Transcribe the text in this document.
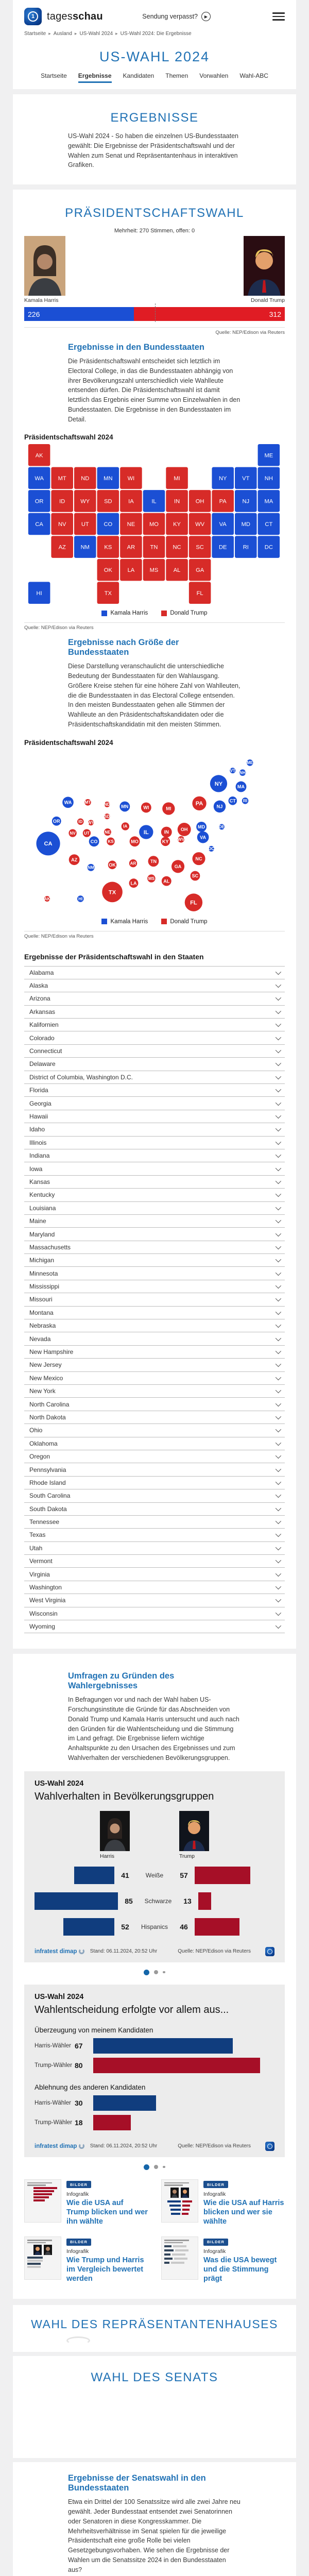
1	tagesschau	Sendung verpasst?	▶
Startseite ▸ Ausland ▸ US-Wahl 2024 ▸ US-Wahl 2024: Die Ergebnisse
US-WAHL 2024
Startseite Ergebnisse Kandidaten Themen Vorwahlen Wahl-ABC
ERGEBNISSE

US-Wahl 2024 - So haben die einzelnen US-Bundesstaaten gewählt: Die Ergebnisse der Präsidentschaftswahl und der Wahlen zum Senat und Repräsentantenhaus in interaktiven Grafiken.

PRÄSIDENTSCHAFTSWAHL
Mehrheit: 270 Stimmen, offen: 0
Kamala Harris	Donald Trump
226	312
Quelle: NEP/Edison via Reuters
Ergebnisse in den Bundesstaaten

Die Präsidentschaftswahl entscheidet sich letztlich im Electoral College, in das die Bundesstaaten abhängig von ihrer Bevölkerungszahl unterschiedlich viele Wahlleute entsenden dürfen. Die Präsidentschaftswahl ist damit letztlich das Ergebnis einer Summe von Einzelwahlen in den Bundesstaaten. Die Ergebnisse in den Bundesstaaten im Detail.

Präsidentschaftswahl 2024
AK	ME
WA	MT	ND	MN	WI	MI	NY	VT	NH
OR	ID	WY	SD	IA	IL	IN	OH	PA	NJ	MA
CA	NV	UT	CO	NE	MO	KY	WV	VA	MD	CT
AZ	NM	KS	AR	TN	NC	SC	DE	RI	DC
OK	LA	MS	AL	GA
HI	TX	FL
Kamala Harris	Donald Trump
Quelle: NEP/Edison via Reuters
Ergebnisse nach Größe der Bundesstaaten

Diese Darstellung veranschaulicht die unterschiedliche Bedeutung der Bundesstaaten für den Wahlausgang. Größere Kreise stehen für eine höhere Zahl von Wahlleuten, die die Bundesstaaten in das Electoral College entsenden. In den meisten Bundesstaaten gehen alle Stimmen der Wahlleute an den Präsidentschaftskandidaten oder die Präsidentschaftskandidatin mit den meisten Stimmen.

Präsidentschaftswahl 2024
AK
ME
WA	MT	ND MN	WI	MI
NY
VT NH
OR	ID WY
SD
IA
IL	IN
OH
PA	NJ
MA
CA
NV UT
CO
NE
MO	KY WV	VA
MD
CT
AZ
NM
KS
AR	TN
NC
SC
DE
RI
DC
OK
LA
MS AL
GA
HI
TX
FL
Kamala Harris	Donald Trump
Quelle: NEP/Edison via Reuters
Ergebnisse der Präsidentschaftswahl in den Staaten
Alabama
Alaska
Arizona
Arkansas
Kalifornien
Colorado
Connecticut
Delaware
District of Columbia, Washington D.C.
Florida
Georgia
Hawaii
Idaho
Illinois
Indiana
Iowa
Kansas
Kentucky
Louisiana
Maine
Maryland
Massachusetts
Michigan
Minnesota
Mississippi
Missouri
Montana
Nebraska
Nevada
New Hampshire
New Jersey
New Mexico
New York
North Carolina
North Dakota
Ohio
Oklahoma
Oregon
Pennsylvania
Rhode Island
South Carolina
South Dakota
Tennessee
Texas
Utah
Vermont
Virginia
Washington
West Virginia
Wisconsin
Wyoming
Umfragen zu Gründen des Wahlergebnisses

In Befragungen vor und nach der Wahl haben US-Forschungsinstitute die Gründe für das Abschneiden von Donald Trump und Kamala Harris untersucht und auch nach den Gründen für die Wahlentscheidung und die Stimmung im Land gefragt. Die Ergebnisse liefern wichtige Anhaltspunkte zu den Ursachen des Ergebnisses und zum Wahlverhalten der verschiedenen Bevölkerungsgruppen.

US-Wahl 2024
Wahlverhalten in Bevölkerungsgruppen
Harris	Trump
41	Weiße	57
85	Schwarze	13
52	Hispanics	46
infratest dimap	Stand: 06.11.2024, 20:52 Uhr	Quelle: NEP/Edison via Reuters
US-Wahl 2024
Wahlentscheidung erfolgte vor allem aus...
Überzeugung von meinem Kandidaten
Harris-Wähler 67
Trump-Wähler 80
Ablehnung des anderen Kandidaten
Harris-Wähler 30
Trump-Wähler 18
infratest dimap	Stand: 06.11.2024, 20:52 Uhr	Quelle: NEP/Edison via Reuters
BILDER
Infografik
Wie die USA auf Trump blicken und wer ihn wählte
BILDER
Infografik
Wie die USA auf Harris blicken und wer sie wählte
BILDER
Infografik
Wie Trump und Harris im Vergleich bewertet werden
BILDER
Infografik
Was die USA bewegt und die Stimmung prägt
WAHL DES REPRÄSENTANTENHAUSES
WAHL DES SENATS
Ergebnisse der Senatswahl in den Bundesstaaten

Etwa ein Drittel der 100 Senatssitze wird alle zwei Jahre neu gewählt. Jeder Bundesstaat entsendet zwei Senatorinnen oder Senatoren in diese Kongresskammer. Die Mehrheitsverhältnisse im Senat spielen für die jeweilige Präsidentschaft eine große Rolle bei vielen Gesetzgebungsvorhaben. Wie sehen die Ergebnisse der Wahlen um die Senatssitze 2024 in den Bundesstaaten aus?
